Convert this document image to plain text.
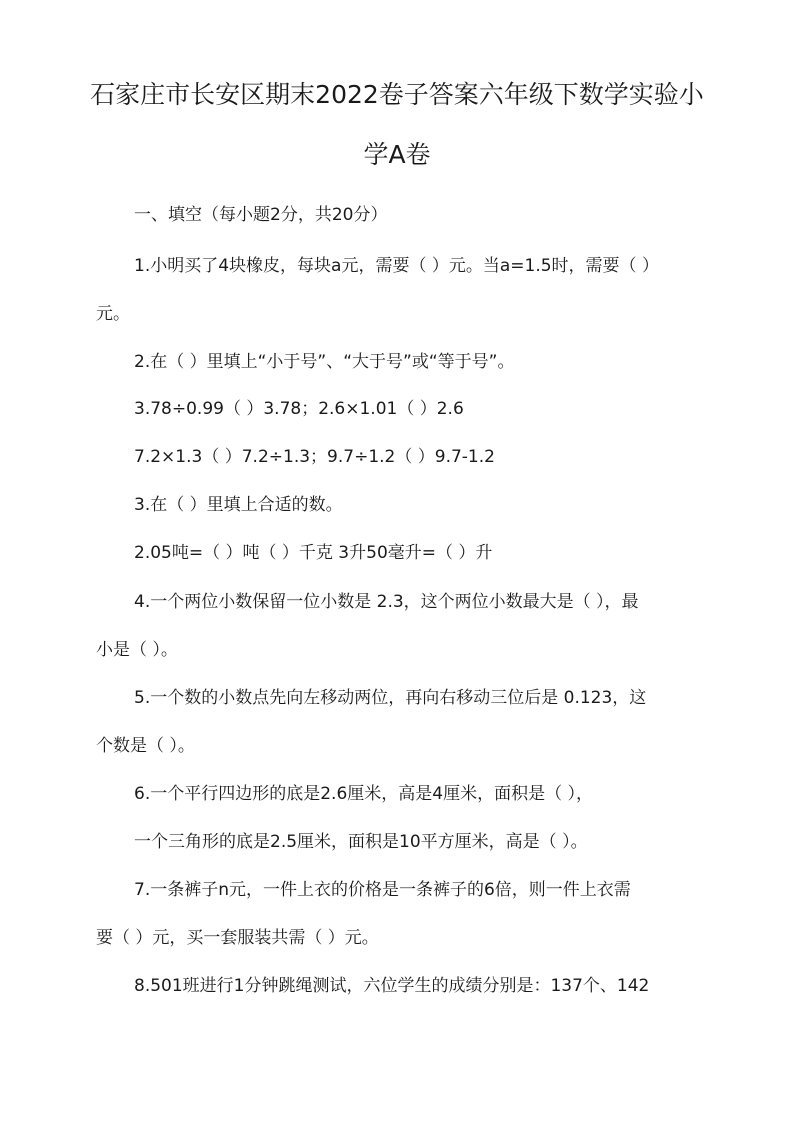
石家庄市长安区期末2022卷子答案六年级下数学实验小
学A卷
一、填空（每小题2分，共20分）
1.小明买了4块橡皮，每块a元，需要（ ）元。当a=1.5时，需要（ ）
元。
2.在（ ）里填上“小于号”、“大于号”或“等于号”。
3.78÷0.99（ ）3.78；2.6×1.01（ ）2.6
7.2×1.3（ ）7.2÷1.3；9.7÷1.2（ ）9.7-1.2
3.在（ ）里填上合适的数。
2.05吨=（ ）吨（ ）千克 3升50毫升=（ ）升
4.一个两位小数保留一位小数是 2.3，这个两位小数最大是（ ），最
小是（ ）。
5.一个数的小数点先向左移动两位，再向右移动三位后是 0.123，这
个数是（ ）。
6.一个平行四边形的底是2.6厘米，高是4厘米，面积是（ ），
一个三角形的底是2.5厘米，面积是10平方厘米，高是（ ）。
7.一条裤子n元，一件上衣的价格是一条裤子的6倍，则一件上衣需
要（ ）元，买一套服装共需（ ）元。
8.501班进行1分钟跳绳测试，六位学生的成绩分别是：137个、142
